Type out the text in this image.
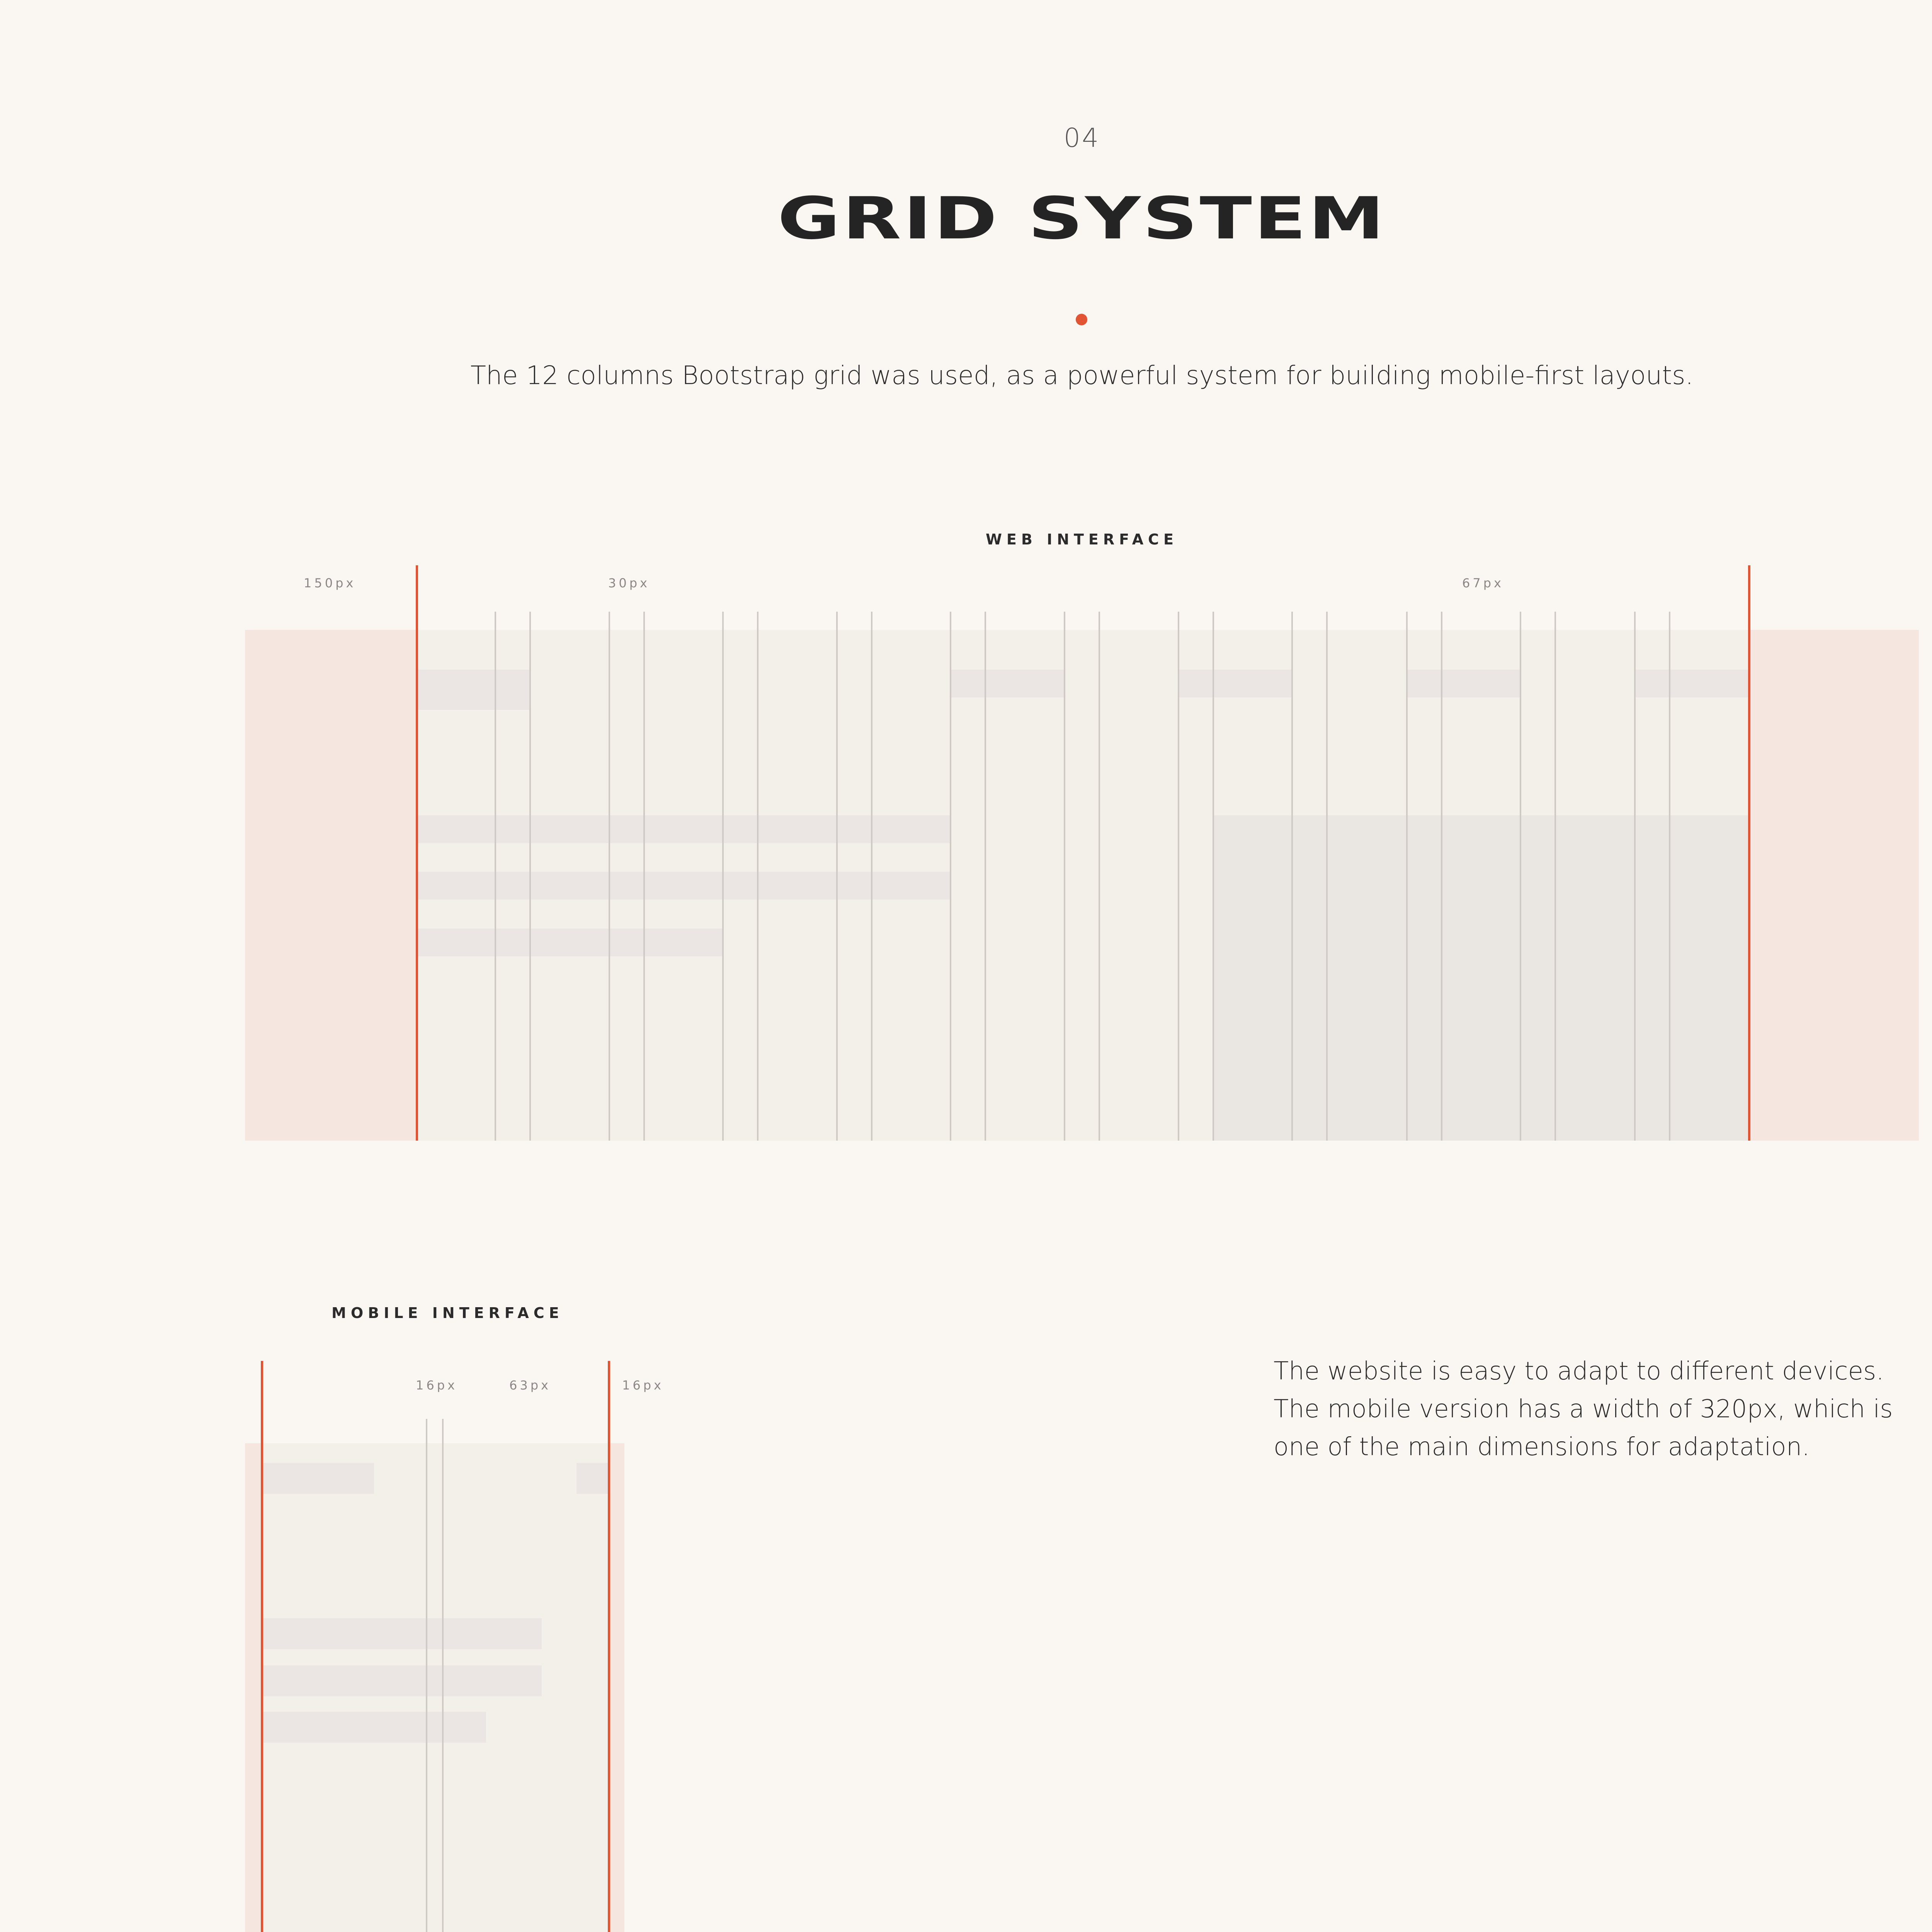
04
GRID SYSTEM
The 12 columns Bootstrap grid was used, as a powerful system for building mobile-first layouts.
WEB INTERFACE
150px	30px	67px
MOBILE INTERFACE
16px	63px	16px	The website is easy to adapt to different devices.
The mobile version has a width of 320px, which is
one of the main dimensions for adaptation.
